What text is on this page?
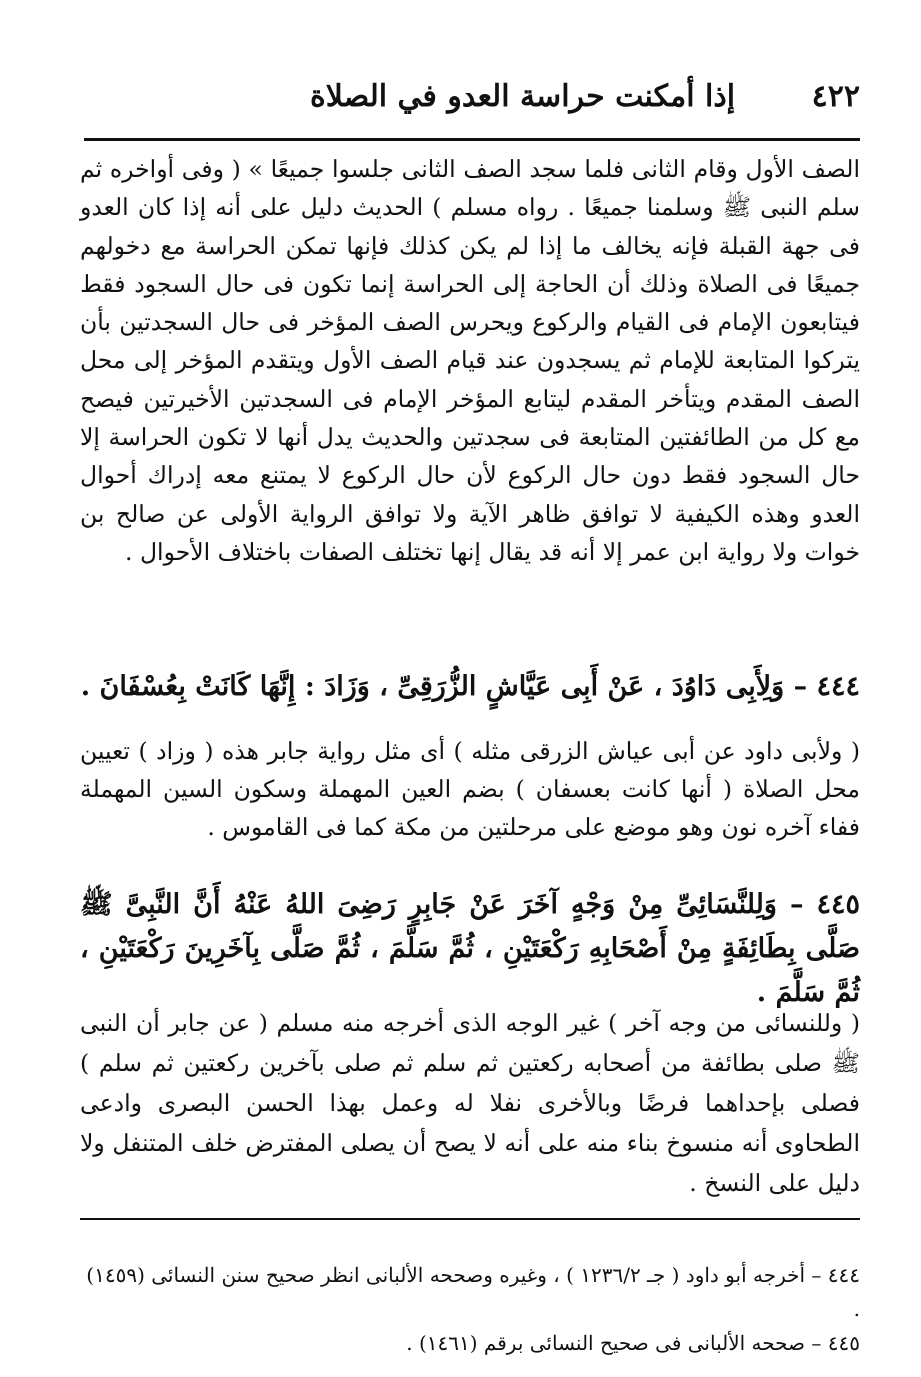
٤٢٢
إذا أمكنت حراسة العدو في الصلاة

الصف الأول وقام الثانى فلما سجد الصف الثانى جلسوا جميعًا » ( وفى أواخره ثم سلم النبى ﷺ وسلمنا جميعًا . رواه مسلم ) الحديث دليل على أنه إذا كان العدو فى جهة القبلة فإنه يخالف ما إذا لم يكن كذلك فإنها تمكن الحراسة مع دخولهم جميعًا فى الصلاة وذلك أن الحاجة إلى الحراسة إنما تكون فى حال السجود فقط فيتابعون الإمام فى القيام والركوع ويحرس الصف المؤخر فى حال السجدتين بأن يتركوا المتابعة للإمام ثم يسجدون عند قيام الصف الأول ويتقدم المؤخر إلى محل الصف المقدم ويتأخر المقدم ليتابع المؤخر الإمام فى السجدتين الأخيرتين فيصح مع كل من الطائفتين المتابعة فى سجدتين والحديث يدل أنها لا تكون الحراسة إلا حال السجود فقط دون حال الركوع لأن حال الركوع لا يمتنع معه إدراك أحوال العدو وهذه الكيفية لا توافق ظاهر الآية ولا توافق الرواية الأولى عن صالح بن خوات ولا رواية ابن عمر إلا أنه قد يقال إنها تختلف الصفات باختلاف الأحوال .

٤٤٤ – وَلِأَبِى دَاوُدَ ، عَنْ أَبِى عَيَّاشٍ الزُّرَقِىِّ ، وَزَادَ : إِنَّهَا كَانَتْ بِعُسْفَانَ .

( ولأبى داود عن أبى عياش الزرقى مثله ) أى مثل رواية جابر هذه ( وزاد ) تعيين محل الصلاة ( أنها كانت بعسفان ) بضم العين المهملة وسكون السين المهملة ففاء آخره نون وهو موضع على مرحلتين من مكة كما فى القاموس .

٤٤٥ – وَلِلنَّسَائِىِّ مِنْ وَجْهٍ آخَرَ عَنْ جَابِرٍ رَضِىَ اللهُ عَنْهُ أَنَّ النَّبِىَّ ﷺ صَلَّى بِطَائِفَةٍ مِنْ أَصْحَابِهِ رَكْعَتَيْنِ ، ثُمَّ سَلَّمَ ، ثُمَّ صَلَّى بِآخَرِينَ رَكْعَتَيْنِ ، ثُمَّ سَلَّمَ .

( وللنسائى من وجه آخر ) غير الوجه الذى أخرجه منه مسلم ( عن جابر أن النبى ﷺ صلى بطائفة من أصحابه ركعتين ثم سلم ثم صلى بآخرين ركعتين ثم سلم ) فصلى بإحداهما فرضًا وبالأخرى نفلا له وعمل بهذا الحسن البصرى وادعى الطحاوى أنه منسوخ بناء منه على أنه لا يصح أن يصلى المفترض خلف المتنفل ولا دليل على النسخ .

٤٤٤ – أخرجه أبو داود ( جـ ١٢٣٦/٢ ) ، وغيره وصححه الألبانى انظر صحيح سنن النسائى (١٤٥٩) .

٤٤٥ – صححه الألبانى فى صحيح النسائى برقم (١٤٦١) .
